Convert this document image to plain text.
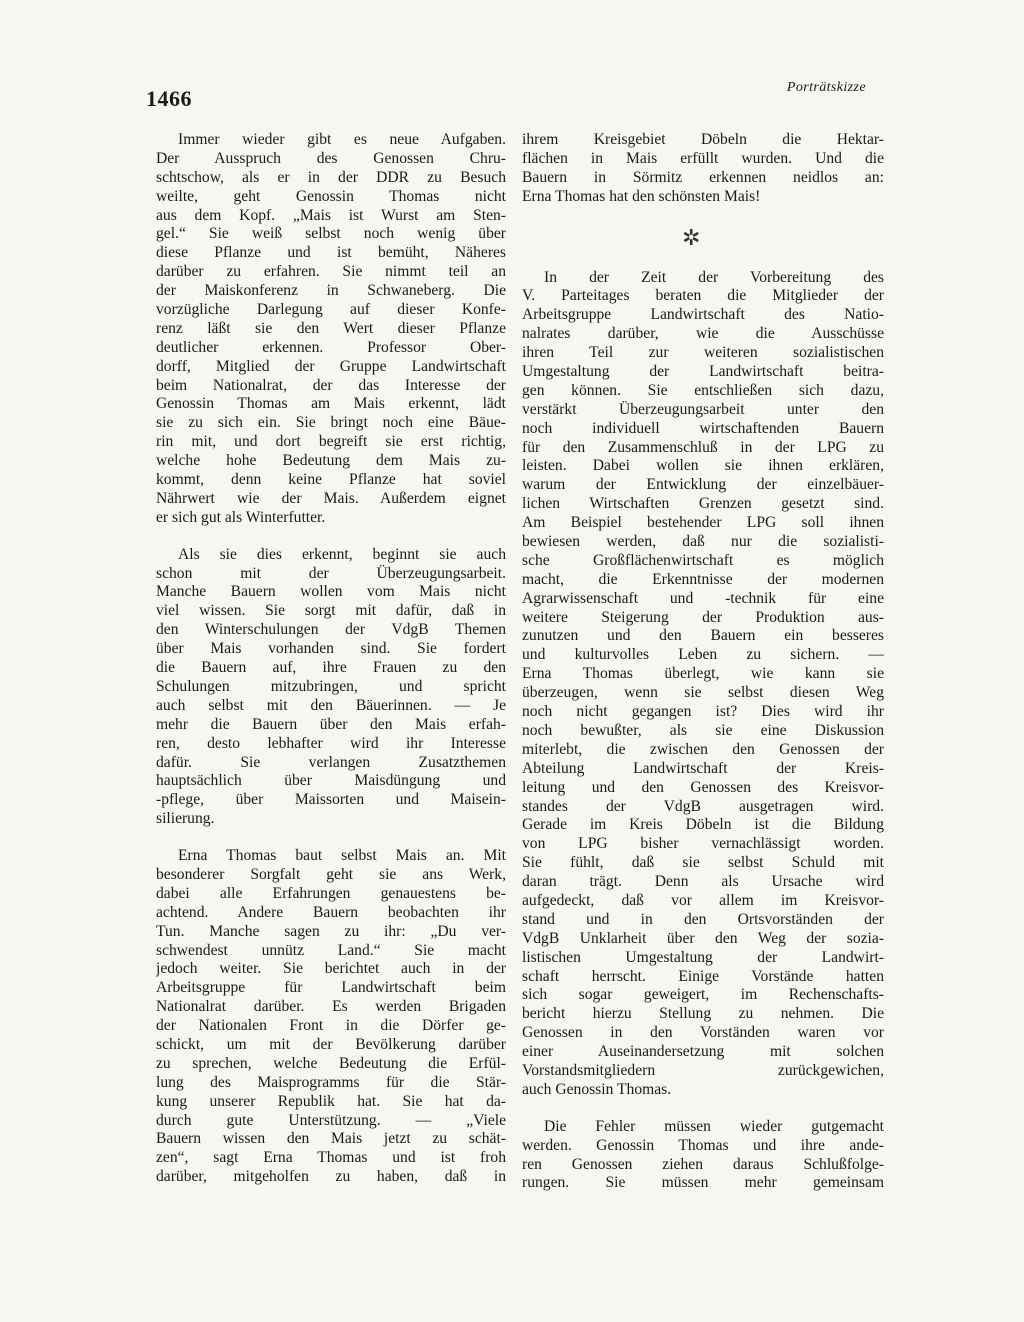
1466	Porträtskizze
Immer wieder gibt es neue Aufgaben.
Der Ausspruch des Genossen Chru-
schtschow, als er in der DDR zu Besuch
weilte, geht Genossin Thomas nicht
aus dem Kopf. „Mais ist Wurst am Sten-
gel.“ Sie weiß selbst noch wenig über
diese Pflanze und ist bemüht, Näheres
darüber zu erfahren. Sie nimmt teil an
der Maiskonferenz in Schwaneberg. Die
vorzügliche Darlegung auf dieser Konfe-
renz läßt sie den Wert dieser Pflanze
deutlicher erkennen. Professor Ober-
dorff, Mitglied der Gruppe Landwirtschaft
beim Nationalrat, der das Interesse der
Genossin Thomas am Mais erkennt, lädt
sie zu sich ein. Sie bringt noch eine Bäue-
rin mit, und dort begreift sie erst richtig,
welche hohe Bedeutung dem Mais zu-
kommt, denn keine Pflanze hat soviel
Nährwert wie der Mais. Außerdem eignet
er sich gut als Winterfutter.
Als sie dies erkennt, beginnt sie auch
schon mit der Überzeugungsarbeit.
Manche Bauern wollen vom Mais nicht
viel wissen. Sie sorgt mit dafür, daß in
den Winterschulungen der VdgB Themen
über Mais vorhanden sind. Sie fordert
die Bauern auf, ihre Frauen zu den
Schulungen mitzubringen, und spricht
auch selbst mit den Bäuerinnen. — Je
mehr die Bauern über den Mais erfah-
ren, desto lebhafter wird ihr Interesse
dafür. Sie verlangen Zusatzthemen
hauptsächlich über Maisdüngung und
-pflege, über Maissorten und Maisein-
silierung.
Erna Thomas baut selbst Mais an. Mit
besonderer Sorgfalt geht sie ans Werk,
dabei alle Erfahrungen genauestens be-
achtend. Andere Bauern beobachten ihr
Tun. Manche sagen zu ihr: „Du ver-
schwendest unnütz Land.“ Sie macht
jedoch weiter. Sie berichtet auch in der
Arbeitsgruppe für Landwirtschaft beim
Nationalrat darüber. Es werden Brigaden
der Nationalen Front in die Dörfer ge-
schickt, um mit der Bevölkerung darüber
zu sprechen, welche Bedeutung die Erfül-
lung des Maisprogramms für die Stär-
kung unserer Republik hat. Sie hat da-
durch gute Unterstützung. — „Viele
Bauern wissen den Mais jetzt zu schät-
zen“, sagt Erna Thomas und ist froh
darüber, mitgeholfen zu haben, daß in
ihrem Kreisgebiet Döbeln die Hektar-
flächen in Mais erfüllt wurden. Und die
Bauern in Sörmitz erkennen neidlos an:
Erna Thomas hat den schönsten Mais!
✲
In der Zeit der Vorbereitung des
V. Parteitages beraten die Mitglieder der
Arbeitsgruppe Landwirtschaft des Natio-
nalrates darüber, wie die Ausschüsse
ihren Teil zur weiteren sozialistischen
Umgestaltung der Landwirtschaft beitra-
gen können. Sie entschließen sich dazu,
verstärkt Überzeugungsarbeit unter den
noch individuell wirtschaftenden Bauern
für den Zusammenschluß in der LPG zu
leisten. Dabei wollen sie ihnen erklären,
warum der Entwicklung der einzelbäuer-
lichen Wirtschaften Grenzen gesetzt sind.
Am Beispiel bestehender LPG soll ihnen
bewiesen werden, daß nur die sozialisti-
sche Großflächenwirtschaft es möglich
macht, die Erkenntnisse der modernen
Agrarwissenschaft und -technik für eine
weitere Steigerung der Produktion aus-
zunutzen und den Bauern ein besseres
und kulturvolles Leben zu sichern. —
Erna Thomas überlegt, wie kann sie
überzeugen, wenn sie selbst diesen Weg
noch nicht gegangen ist? Dies wird ihr
noch bewußter, als sie eine Diskussion
miterlebt, die zwischen den Genossen der
Abteilung Landwirtschaft der Kreis-
leitung und den Genossen des Kreisvor-
standes der VdgB ausgetragen wird.
Gerade im Kreis Döbeln ist die Bildung
von LPG bisher vernachlässigt worden.
Sie fühlt, daß sie selbst Schuld mit
daran trägt. Denn als Ursache wird
aufgedeckt, daß vor allem im Kreisvor-
stand und in den Ortsvorständen der
VdgB Unklarheit über den Weg der sozia-
listischen Umgestaltung der Landwirt-
schaft herrscht. Einige Vorstände hatten
sich sogar geweigert, im Rechenschafts-
bericht hierzu Stellung zu nehmen. Die
Genossen in den Vorständen waren vor
einer Auseinandersetzung mit solchen
Vorstandsmitgliedern zurückgewichen,
auch Genossin Thomas.
Die Fehler müssen wieder gutgemacht
werden. Genossin Thomas und ihre ande-
ren Genossen ziehen daraus Schlußfolge-
rungen. Sie müssen mehr gemeinsam
